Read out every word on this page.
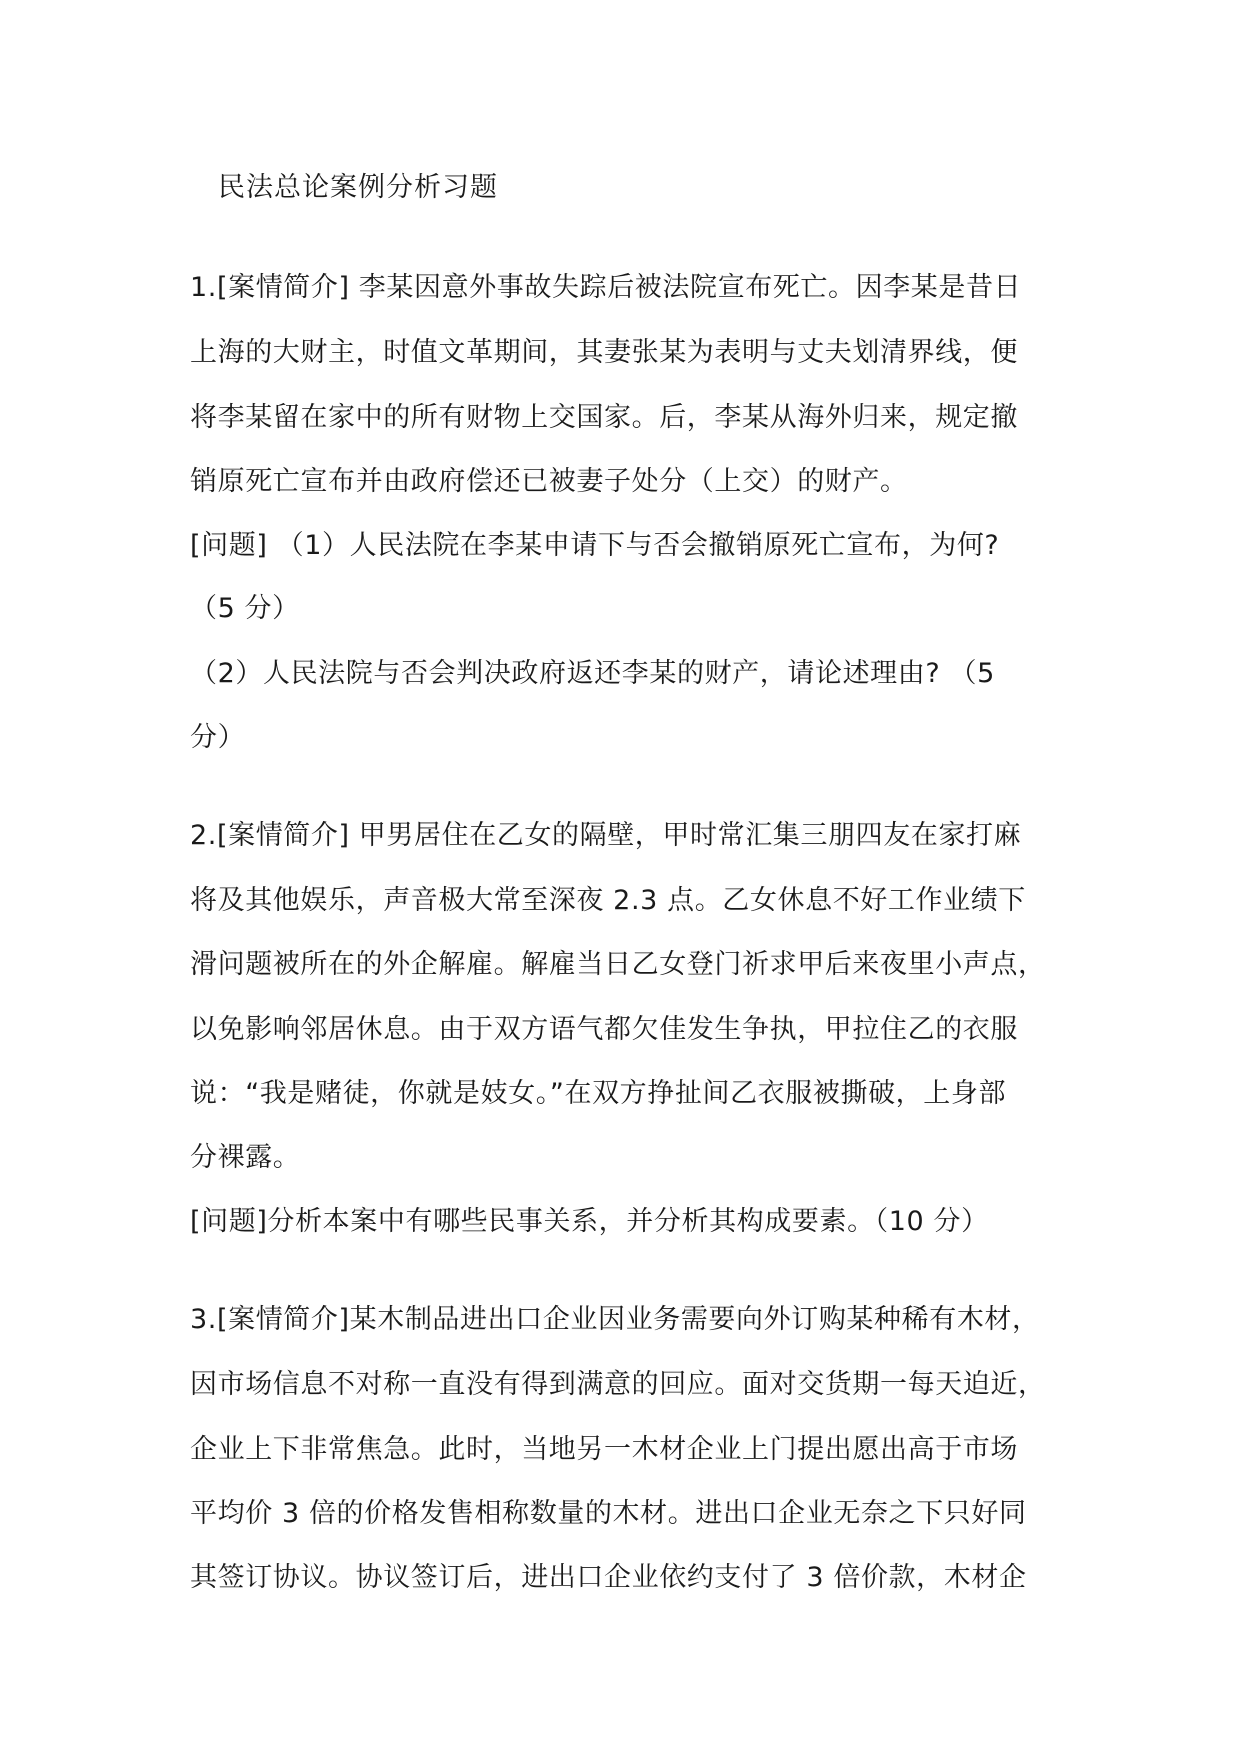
民法总论案例分析习题
1.[案情简介] 李某因意外事故失踪后被法院宣布死亡。因李某是昔日
上海的大财主，时值文革期间，其妻张某为表明与丈夫划清界线，便
将李某留在家中的所有财物上交国家。后，李某从海外归来，规定撤
销原死亡宣布并由政府偿还已被妻子处分（上交）的财产。
[问题] （1）人民法院在李某申请下与否会撤销原死亡宣布，为何?
（5 分）
（2）人民法院与否会判决政府返还李某的财产，请论述理由? （5
分）
2.[案情简介] 甲男居住在乙女的隔壁，甲时常汇集三朋四友在家打麻
将及其他娱乐，声音极大常至深夜 2.3 点。乙女休息不好工作业绩下
滑问题被所在的外企解雇。解雇当日乙女登门祈求甲后来夜里小声点，
以免影响邻居休息。由于双方语气都欠佳发生争执，甲拉住乙的衣服
说：“我是赌徒，你就是妓女。”在双方挣扯间乙衣服被撕破，上身部
分裸露。
[问题]分析本案中有哪些民事关系，并分析其构成要素。（10 分）
3.[案情简介]某木制品进出口企业因业务需要向外订购某种稀有木材，
因市场信息不对称一直没有得到满意的回应。面对交货期一每天迫近，
企业上下非常焦急。此时，当地另一木材企业上门提出愿出高于市场
平均价 3 倍的价格发售相称数量的木材。进出口企业无奈之下只好同
其签订协议。协议签订后，进出口企业依约支付了 3 倍价款，木材企
